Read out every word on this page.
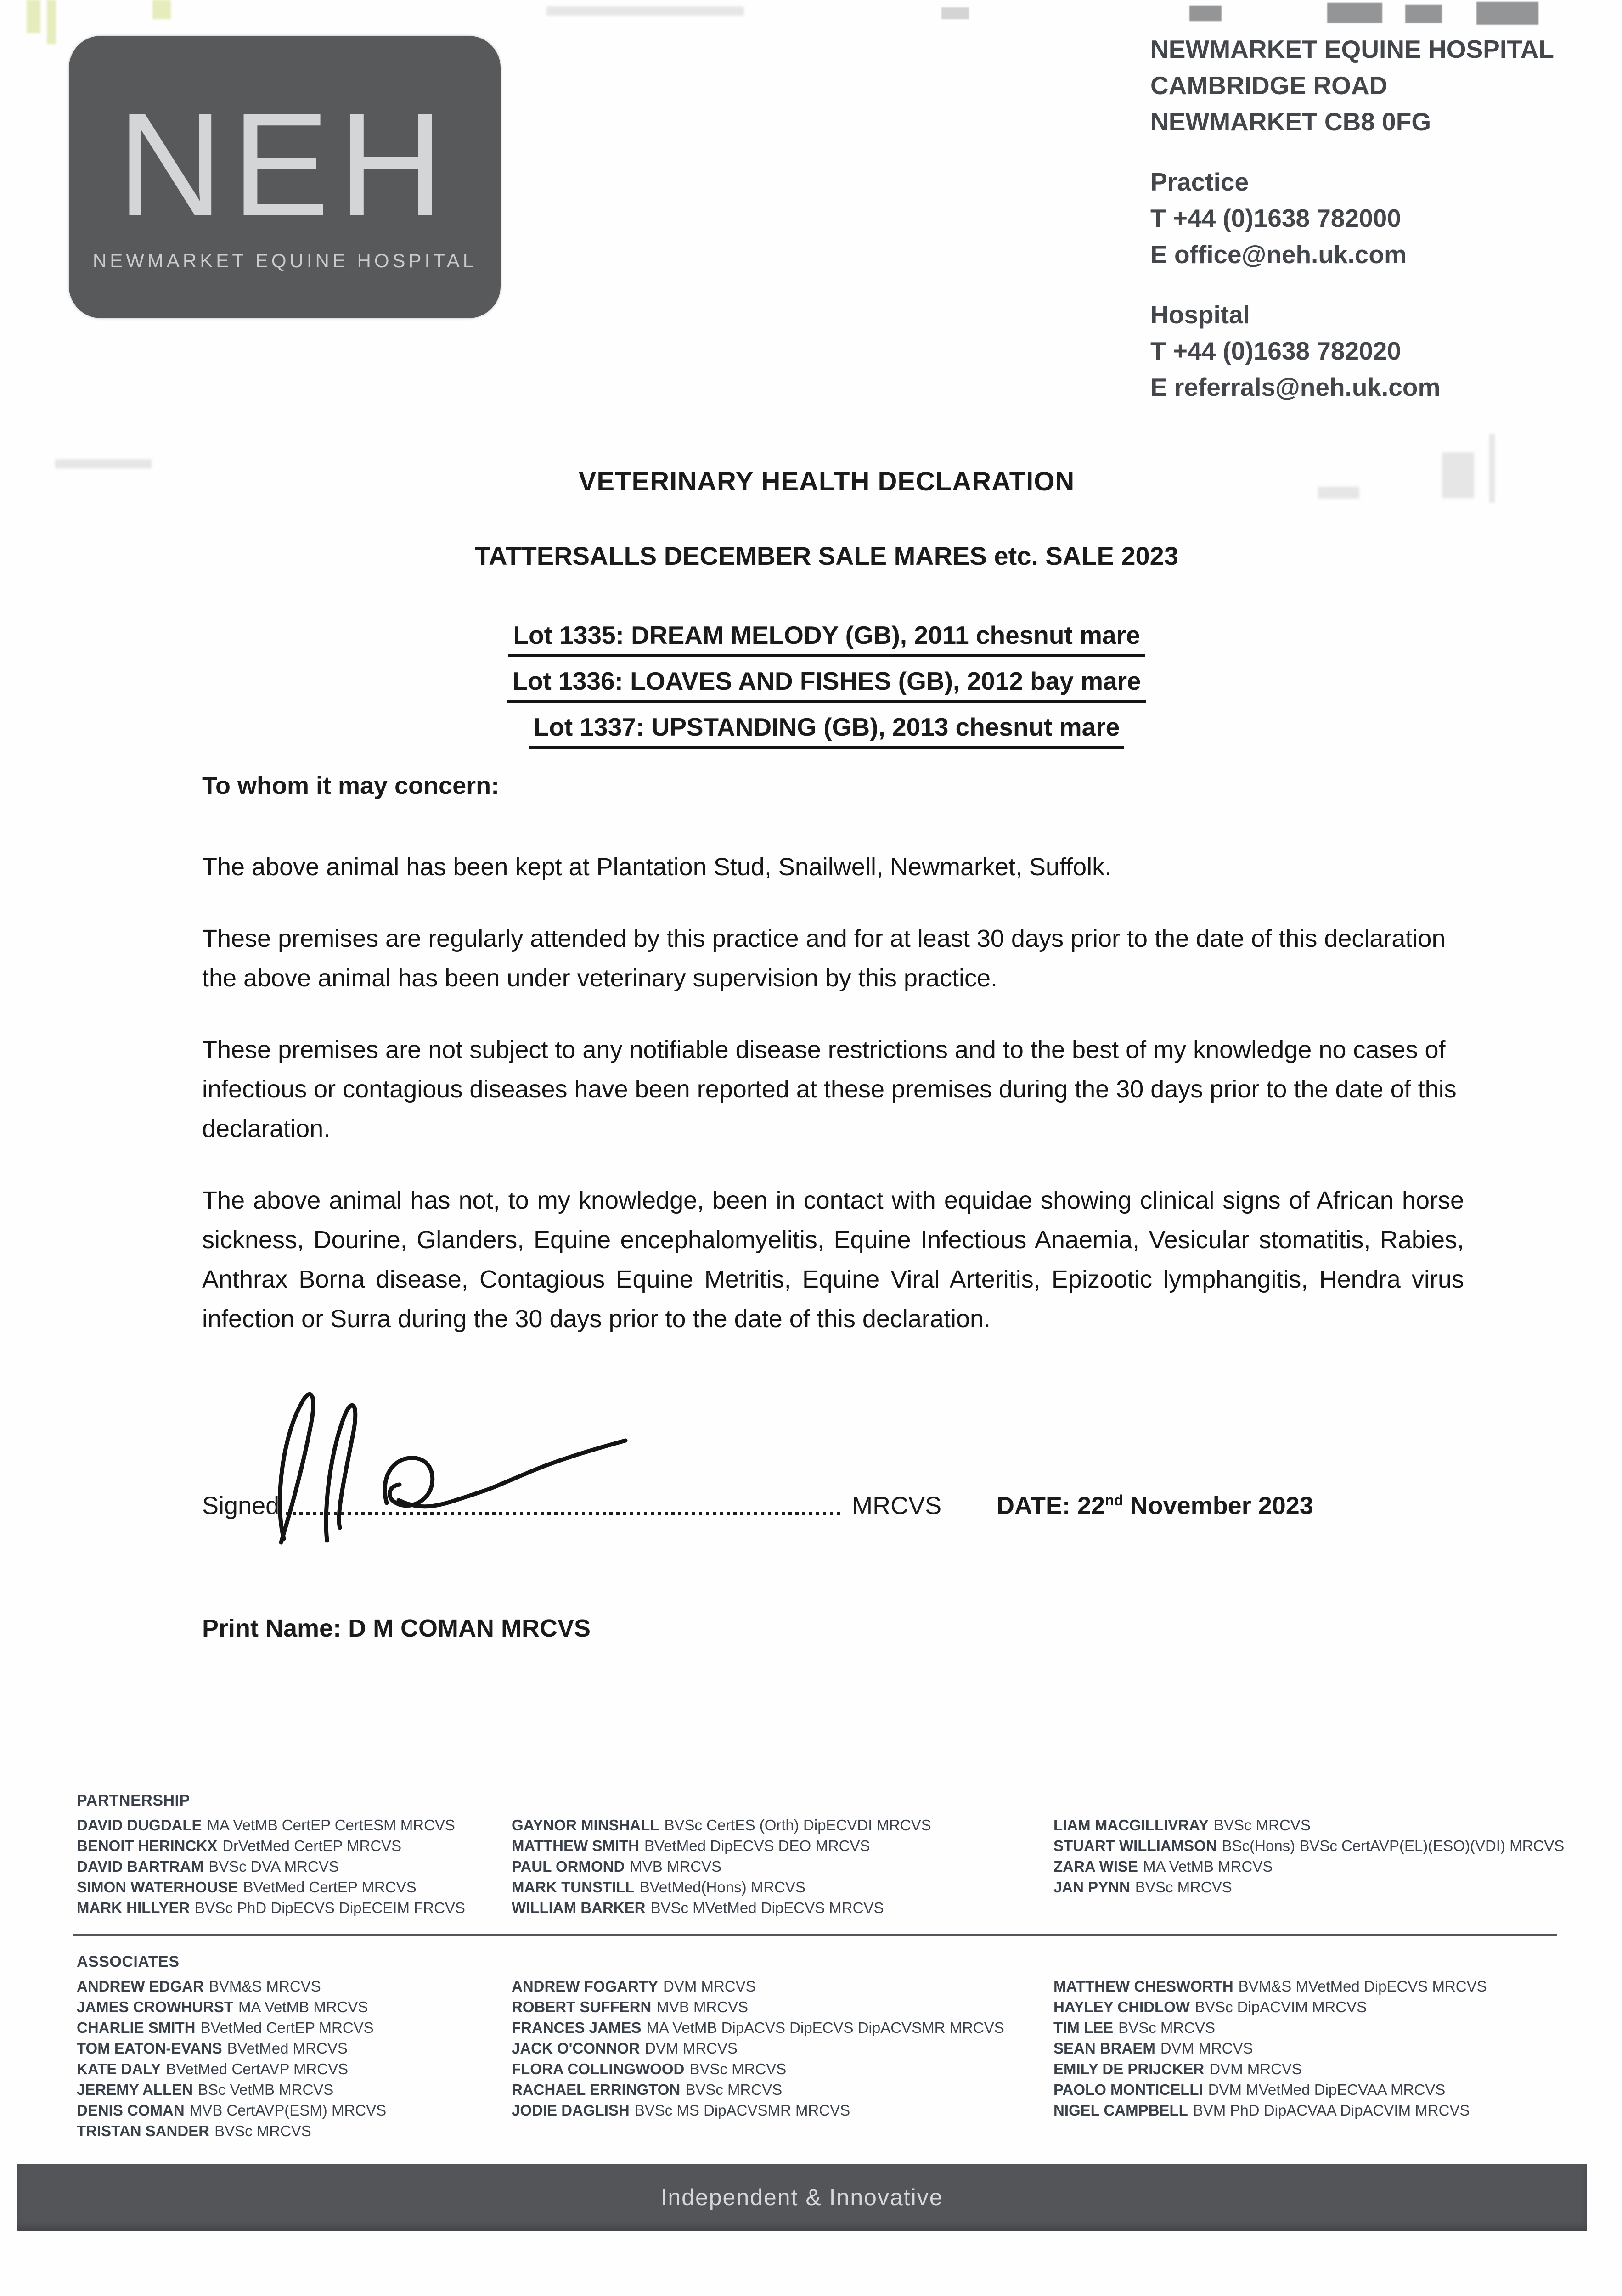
NEH
NEWMARKET EQUINE HOSPITAL
NEWMARKET EQUINE HOSPITAL
CAMBRIDGE ROAD
NEWMARKET CB8 0FG
Practice
T +44 (0)1638 782000
E office@neh.uk.com
Hospital
T +44 (0)1638 782020
E referrals@neh.uk.com
VETERINARY HEALTH DECLARATION
TATTERSALLS DECEMBER SALE MARES etc. SALE 2023
Lot 1335: DREAM MELODY (GB), 2011 chesnut mare
Lot 1336: LOAVES AND FISHES (GB), 2012 bay mare
Lot 1337: UPSTANDING (GB), 2013 chesnut mare
To whom it may concern:

The above animal has been kept at Plantation Stud, Snailwell, Newmarket, Suffolk.

These premises are regularly attended by this practice and for at least 30 days prior to the date of this declaration the above animal has been under veterinary supervision by this practice.

These premises are not subject to any notifiable disease restrictions and to the best of my knowledge no cases of infectious or contagious diseases have been reported at these premises during the 30 days prior to the date of this declaration.

The above animal has not, to my knowledge, been in contact with equidae showing clinical signs of African horse sickness, Dourine, Glanders, Equine encephalomyelitis, Equine Infectious Anaemia, Vesicular stomatitis, Rabies, Anthrax Borna disease, Contagious Equine Metritis, Equine Viral Arteritis, Epizootic lymphangitis, Hendra virus infection or Surra during the 30 days prior to the date of this declaration.

Signed	MRCVS DATE: 22nd November 2023
Print Name: D M COMAN MRCVS
PARTNERSHIP
DAVID DUGDALE MA VetMB CertEP CertESM MRCVS
BENOIT HERINCKX DrVetMed CertEP MRCVS
DAVID BARTRAM BVSc DVA MRCVS
SIMON WATERHOUSE BVetMed CertEP MRCVS
MARK HILLYER BVSc PhD DipECVS DipECEIM FRCVS
GAYNOR MINSHALL BVSc CertES (Orth) DipECVDI MRCVS
MATTHEW SMITH BVetMed DipECVS DEO MRCVS
PAUL ORMOND MVB MRCVS
MARK TUNSTILL BVetMed(Hons) MRCVS
WILLIAM BARKER BVSc MVetMed DipECVS MRCVS
LIAM MACGILLIVRAY BVSc MRCVS
STUART WILLIAMSON BSc(Hons) BVSc CertAVP(EL)(ESO)(VDI) MRCVS
ZARA WISE MA VetMB MRCVS
JAN PYNN BVSc MRCVS
ASSOCIATES
ANDREW EDGAR BVM&S MRCVS
JAMES CROWHURST MA VetMB MRCVS
CHARLIE SMITH BVetMed CertEP MRCVS
TOM EATON-EVANS BVetMed MRCVS
KATE DALY BVetMed CertAVP MRCVS
JEREMY ALLEN BSc VetMB MRCVS
DENIS COMAN MVB CertAVP(ESM) MRCVS
TRISTAN SANDER BVSc MRCVS
ANDREW FOGARTY DVM MRCVS
ROBERT SUFFERN MVB MRCVS
FRANCES JAMES MA VetMB DipACVS DipECVS DipACVSMR MRCVS
JACK O'CONNOR DVM MRCVS
FLORA COLLINGWOOD BVSc MRCVS
RACHAEL ERRINGTON BVSc MRCVS
JODIE DAGLISH BVSc MS DipACVSMR MRCVS
MATTHEW CHESWORTH BVM&S MVetMed DipECVS MRCVS
HAYLEY CHIDLOW BVSc DipACVIM MRCVS
TIM LEE BVSc MRCVS
SEAN BRAEM DVM MRCVS
EMILY DE PRIJCKER DVM MRCVS
PAOLO MONTICELLI DVM MVetMed DipECVAA MRCVS
NIGEL CAMPBELL BVM PhD DipACVAA DipACVIM MRCVS
Independent & Innovative
